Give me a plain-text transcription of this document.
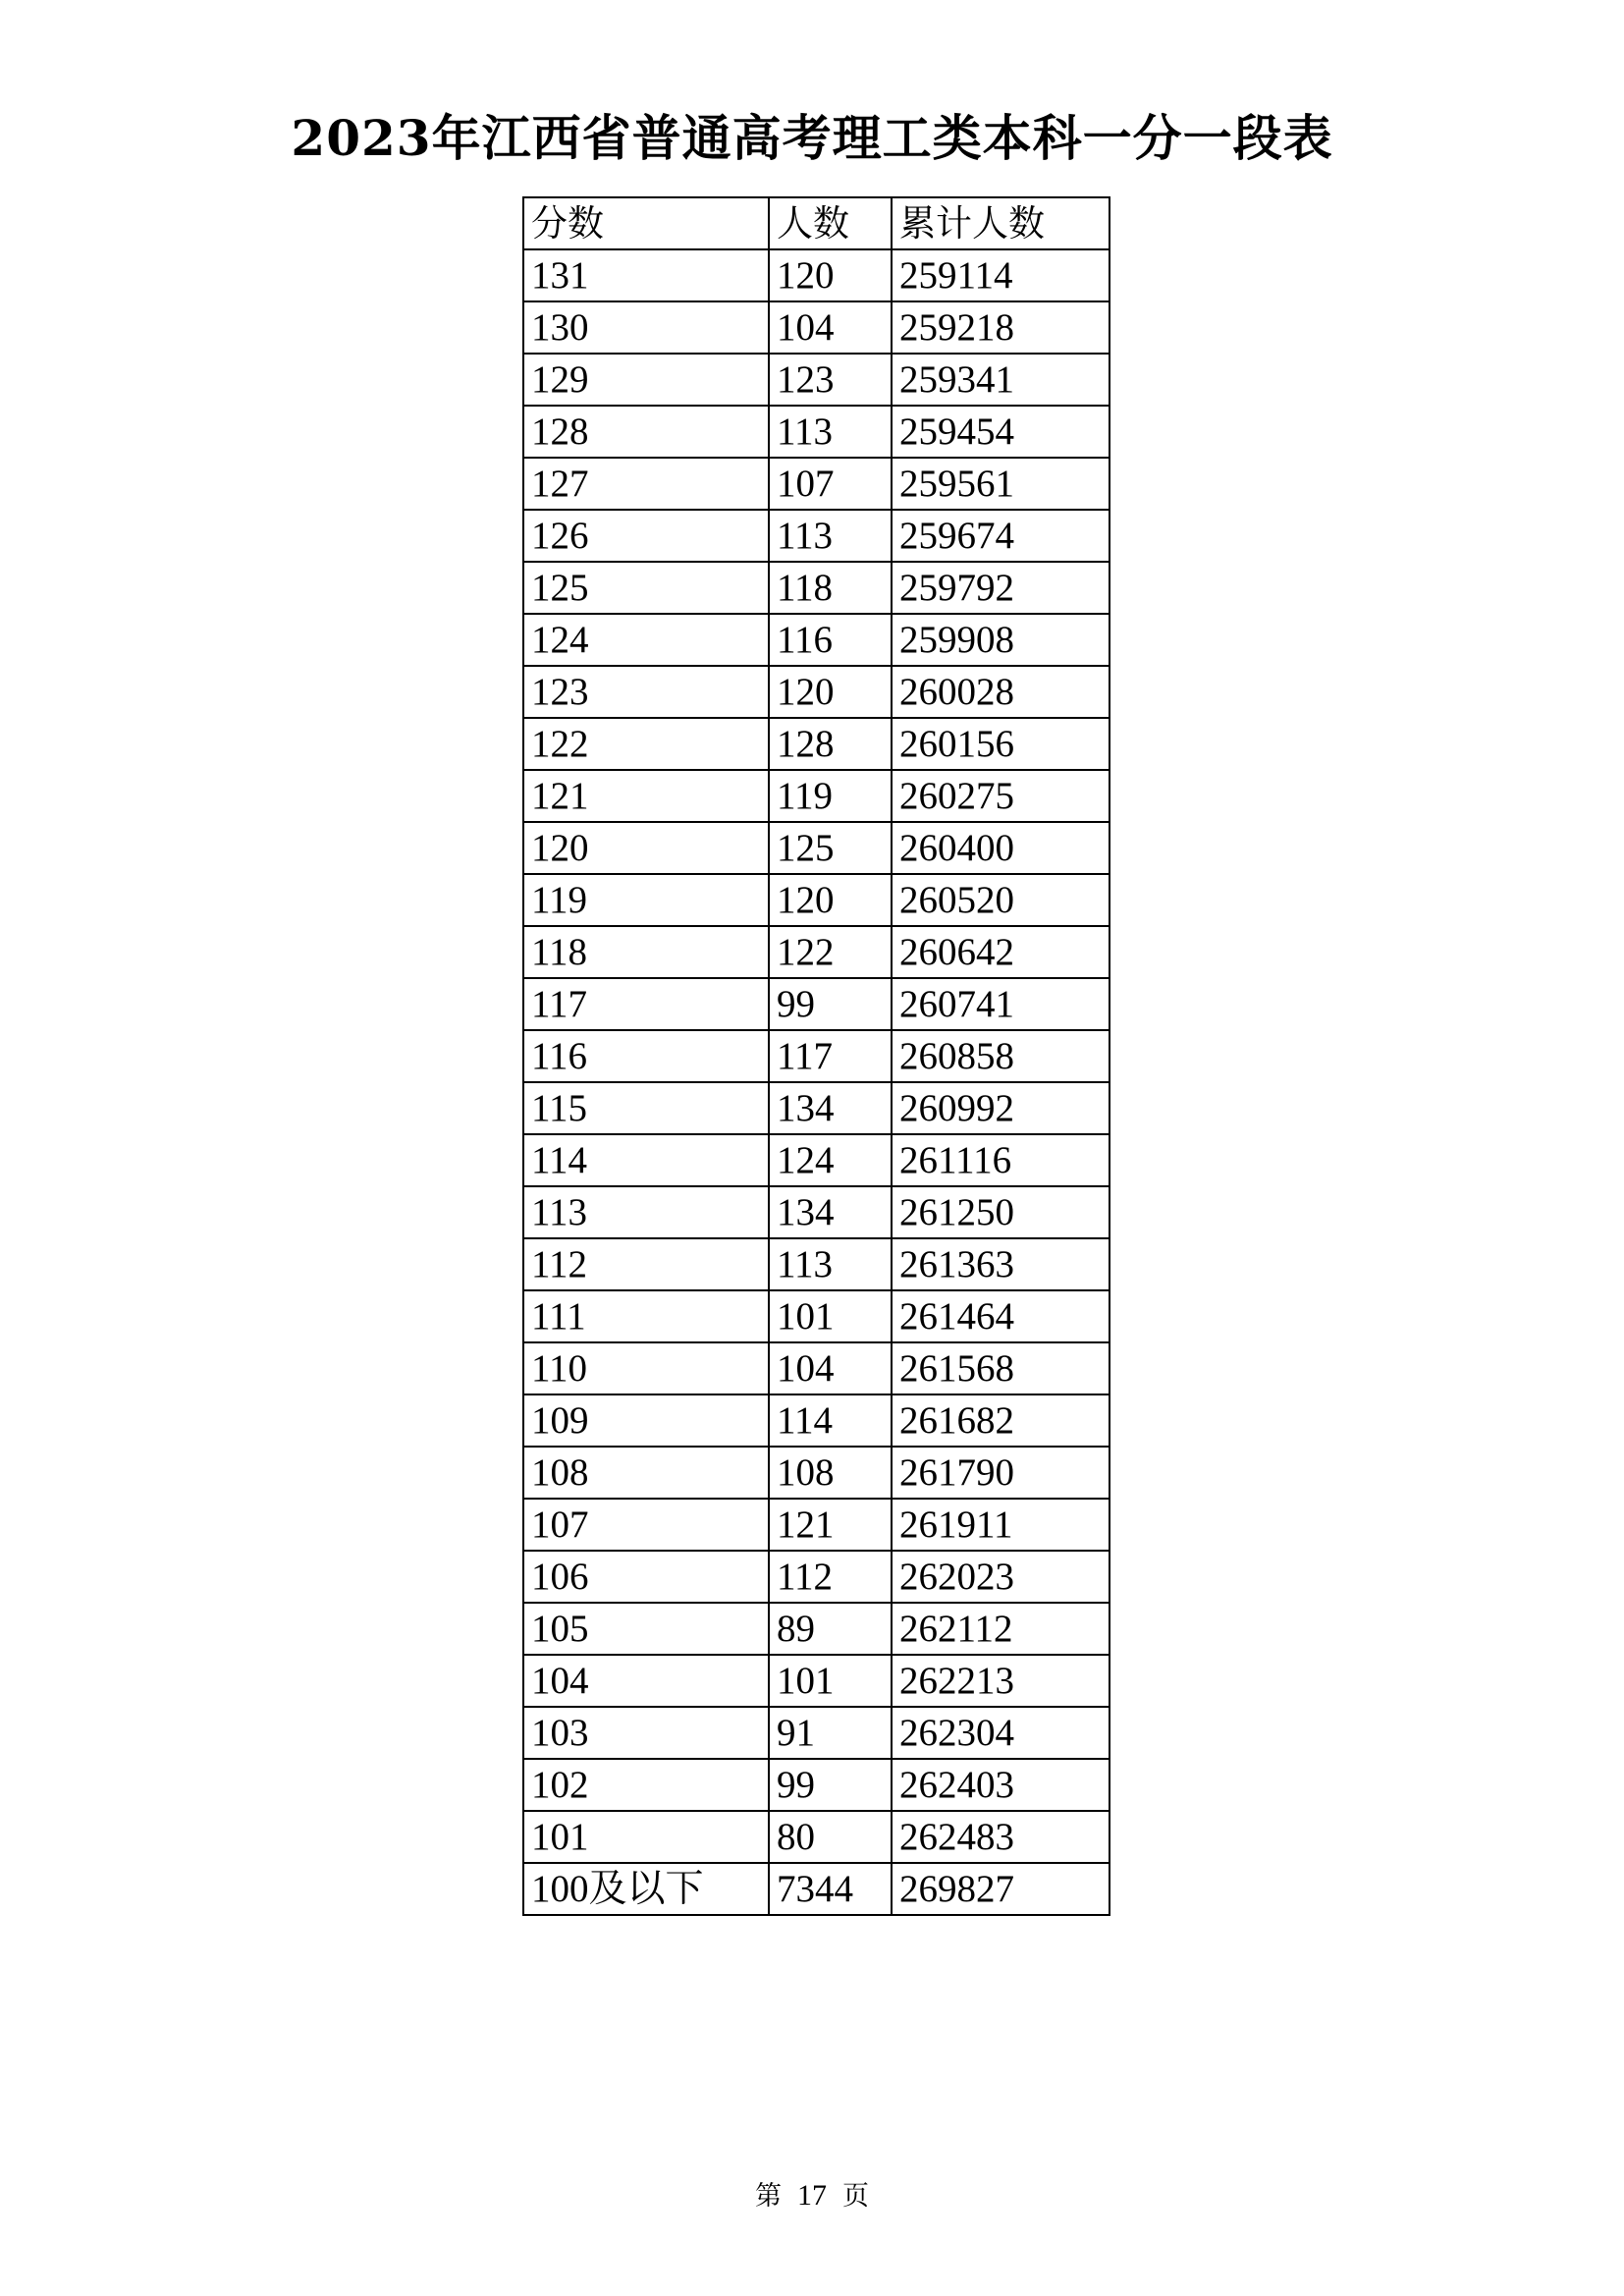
2023年江西省普通高考理工类本科一分一段表
分数	人数	累计人数
131	120	259114
130	104	259218
129	123	259341
128	113	259454
127	107	259561
126	113	259674
125	118	259792
124	116	259908
123	120	260028
122	128	260156
121	119	260275
120	125	260400
119	120	260520
118	122	260642
117	99	260741
116	117	260858
115	134	260992
114	124	261116
113	134	261250
112	113	261363
111	101	261464
110	104	261568
109	114	261682
108	108	261790
107	121	261911
106	112	262023
105	89	262112
104	101	262213
103	91	262304
102	99	262403
101	80	262483
100及以下	7344	269827
第 17 页
